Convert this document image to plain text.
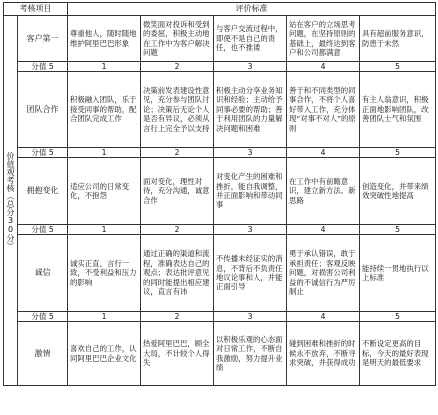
考核项目		评价标准				

价值观考核（总分30分）	客户第一	尊重他人，随时随地维护阿里巴巴形象	微笑面对投诉和受到的委屈，积极主动地在工作中为客户解决问题	与客户交流过程中，即使不是自己的责任，也不推诿	站在客户的立场思考问题，在坚持原则的基础上，最终达到客户和公司都满意	具有超前服务意识，防患于未然
	分值 5	1	2	3	4	5
	团队合作	积极融入团队，乐于接受同事的帮助，配合团队完成工作	决策前发表建设性意见，充分参与团队讨论；决策后无论个人是否有异议，必须从言行上完全予以支持	积极主动分享业务知识和经验；主动给予同事必要的帮助；善于利用团队的力量解决问题和困难	善于和不同类型的同事合作，不将个人喜好带入工作，充分体现“对事不对人”的原则	有主人翁意识，积极正面地影响团队，改善团队士气和氛围
	分值 5	1	2	3	4	5
	拥抱变化	适应公司的日常变化，不抱怨	面对变化，理性对待，充分沟通，诚意合作	对变化产生的困难和挫折，能自我调整，并正面影响和带动同事	在工作中有前瞻意识，建立新方法、新思路	创造变化，并带来绩效突破性地提高
	分值 5	1	2	3	4	5
	诚信	诚实正直，言行一致，不受利益和压力的影响	通过正确的渠道和流程，准确表达自己的观点；表达批评意见的同时能提出相应建议，直言有讳	不传播未经证实的消息，不背后不负责任地议论事和人，并能正面引导	勇于承认错误，敢于承担责任；客观反映问题，对损害公司利益的不诚信行为严厉制止	能持续一贯地执行以上标准
	分值 5	1	2	3	4	5
	激情	喜欢自己的工作，认同阿里巴巴企业文化	热爱阿里巴巴，顾全大局，不计较个人得失	以积极乐观的心态面对日常工作，不断自我激励，努力提升业绩	碰到困难和挫折的时候永不放弃，不断寻求突破，并获得成功	不断设定更高的目标，今天的最好表现是明天的最低要求
